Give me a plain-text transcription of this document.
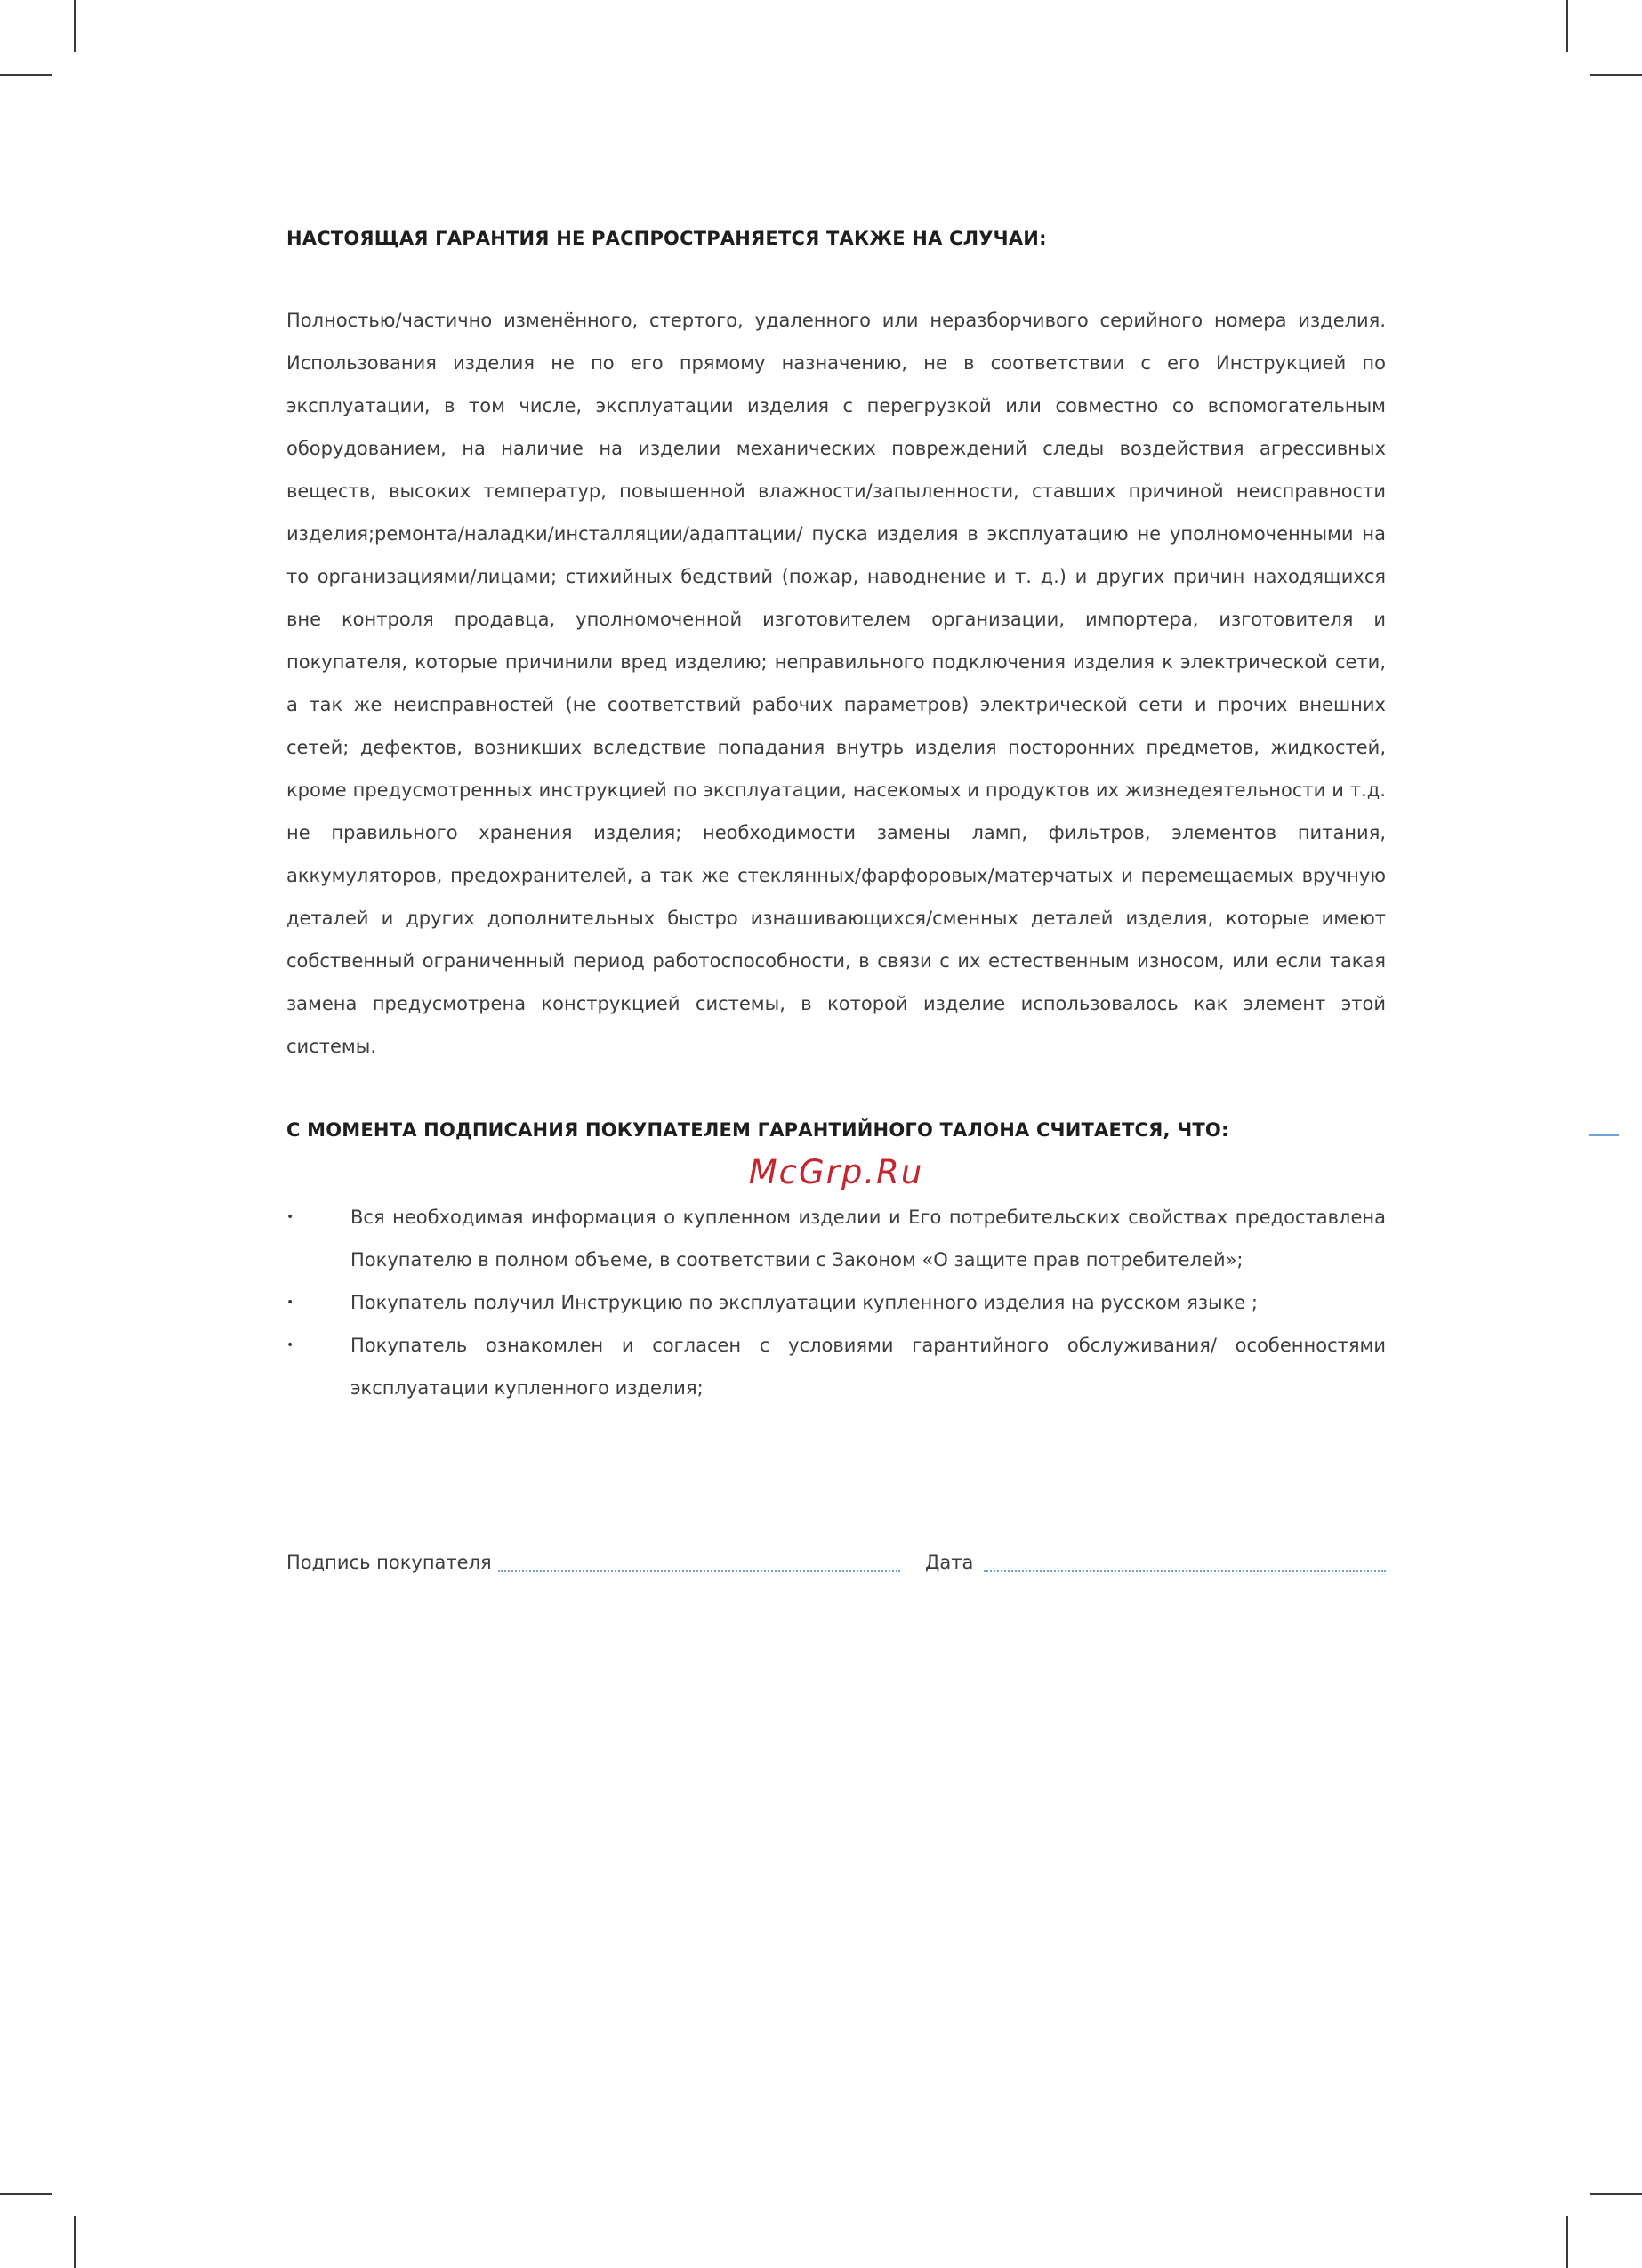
НАСТОЯЩАЯ ГАРАНТИЯ НЕ РАСПРОСТРАНЯЕТСЯ ТАКЖЕ НА СЛУЧАИ:

Полностью/частично изменённого, стертого, удаленного или неразборчивого серийного номера изделия. Использования изделия не по его прямому назначению, не в соответствии с его Инструкцией по эксплуатации, в том числе, эксплуатации изделия с перегрузкой или совместно со вспомогательным оборудованием, на наличие на изделии механических повреждений следы воздействия агрессивных веществ, высоких температур, повышенной влажности/запыленности, ставших причиной неисправности изделия;ремонта/наладки/инсталляции/адаптации/ пуска изделия в эксплуатацию не уполномоченными на то организациями/лицами; стихийных бедствий (пожар, наводнение и т. д.) и других причин находящихся вне контроля продавца, уполномоченной изготовителем организации, импортера, изготовителя и покупателя, которые причинили вред изделию; неправильного подключения изделия к электрической сети, а так же неисправностей (не соответствий рабочих параметров) электрической сети и прочих внешних сетей; дефектов, возникших вследствие попадания внутрь изделия посторонних предметов, жидкостей, кроме предусмотренных инструкцией по эксплуатации, насекомых и продуктов их жизнедеятельности и т.д. не правильного хранения изделия; необходимости замены ламп, фильтров, элементов питания, аккумуляторов, предохранителей, а так же стеклянных/фарфоровых/матерчатых и перемещаемых вручную деталей и других дополнительных быстро изнашивающихся/сменных деталей изделия, которые имеют собственный ограниченный период работоспособности, в связи с их естественным износом, или если такая замена предусмотрена конструкцией системы, в которой изделие использовалось как элемент этой системы.

С МОМЕНТА ПОДПИСАНИЯ ПОКУПАТЕЛЕМ ГАРАНТИЙНОГО ТАЛОНА СЧИТАЕТСЯ, ЧТО:
McGrp.Ru
•	Вся необходимая информация о купленном изделии и Его потребительских свойствах предоставлена Покупателю в полном объеме, в соответствии с Законом «О защите прав потребителей»;
•	Покупатель получил Инструкцию по эксплуатации купленного изделия на русском языке ;
•	Покупатель ознакомлен и согласен с условиями гарантийного обслуживания/ особенностями эксплуатации купленного изделия;
Подпись покупателя	Дата
